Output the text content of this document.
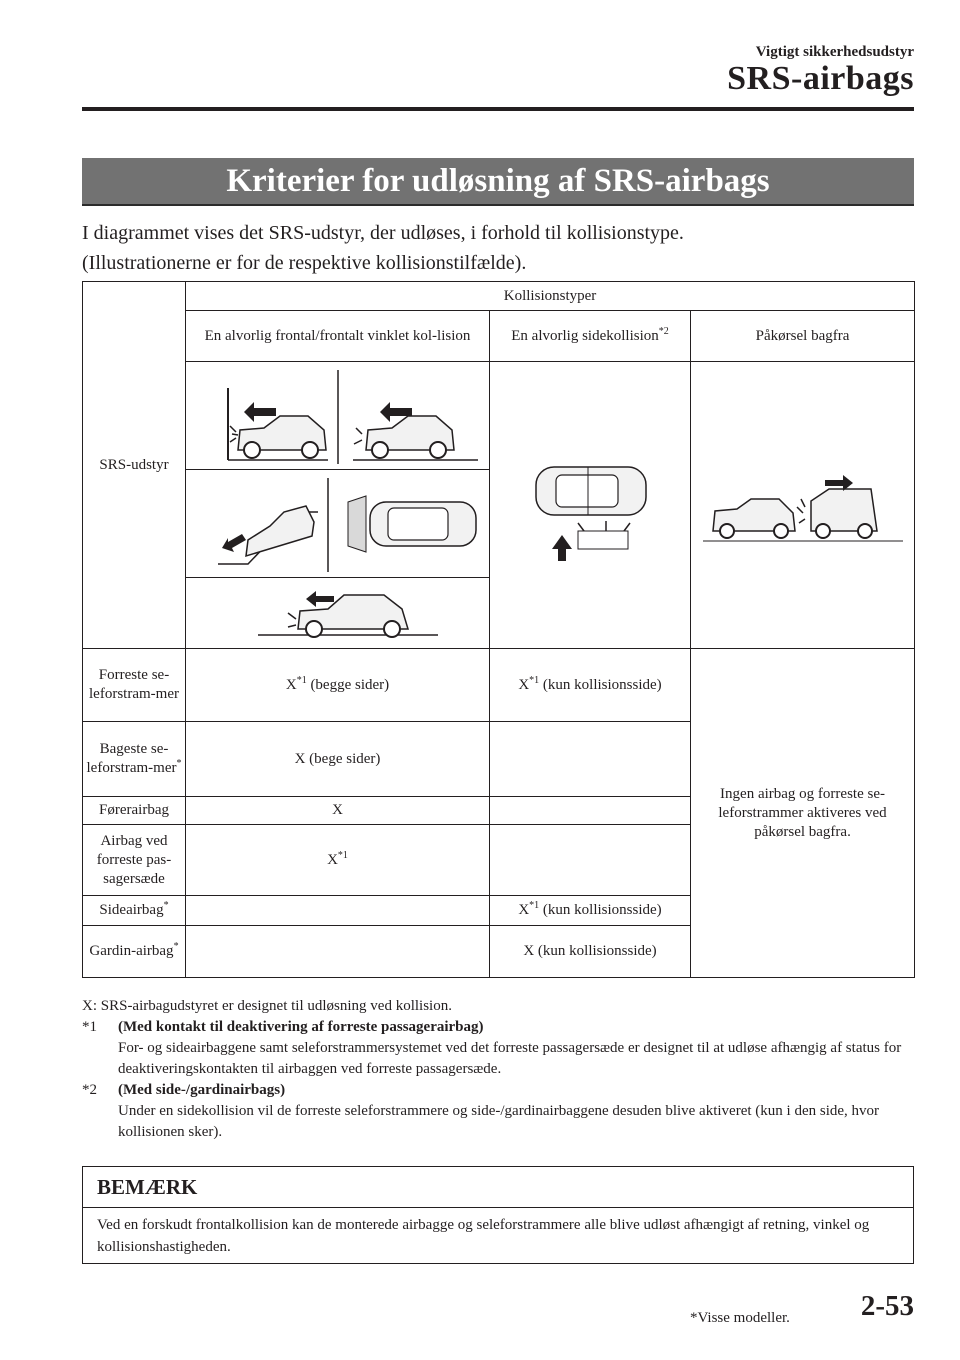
Vigtigt sikkerhedsudstyr
SRS-airbags
Kriterier for udløsning af SRS-airbags
I diagrammet vises det SRS-udstyr, der udløses, i forhold til kollisionstype.
(Illustrationerne er for de respektive kollisionstilfælde).
SRS-udstyr	Kollisionstyper		
	En alvorlig frontal/frontalt vinklet kol-lision	En alvorlig sidekollision$^{*2}$	Påkørsel bagfra

Forreste se-leforstram-mer	$X^{*1}$ (begge sider)	$X^{*1}$ (kun kollisionsside)	Ingen airbag og forreste se-leforstrammer aktiveres ved påkørsel bagfra.
Bageste se-leforstram-mer*	X (bege sider)		
Førerairbag	X		
Airbag ved forreste pas-sagersæde	$X^{*1}$	
Sideairbag*		$X^{*1}$ (kun kollisionsside)	
Gardin-airbag*		X (kun kollisionsside)	
X: SRS-airbagudstyret er designet til udløsning ved kollision.
*1	(Med kontakt til deaktivering af forreste passagerairbag)
For- og sideairbaggene samt seleforstrammersystemet ved det forreste passagersæde er designet til at udløse afhængig af status for deaktiveringskontakten til airbaggen ved forreste passagersæde.
*2	(Med side-/gardinairbags)
Under en sidekollision vil de forreste seleforstrammere og side-/gardinairbaggene desuden blive aktiveret (kun i den side, hvor kollisionen sker).
BEMÆRK
Ved en forskudt frontalkollision kan de monterede airbagge og seleforstrammere alle blive udløst afhængigt af retning, vinkel og kollisionshastigheden.
*Visse modeller. 2-53
